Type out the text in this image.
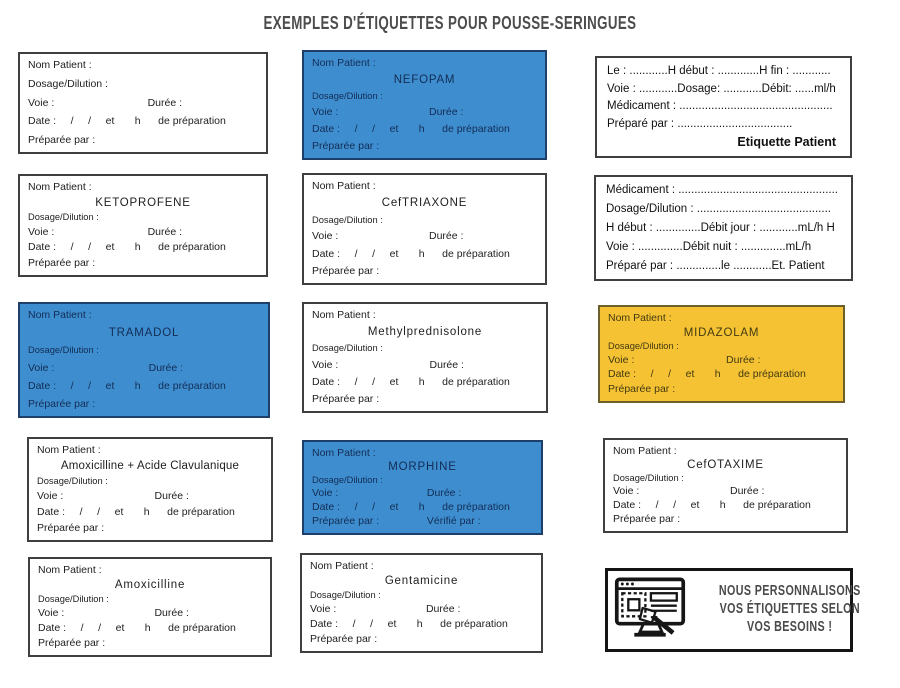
EXEMPLES D'ÉTIQUETTES POUR POUSSE-SERINGUES
Nom Patient :
Dosage/Dilution :
Voie :	Durée :
Date :     /     /     et       h      de préparation
Préparée par :
Nom Patient :
NEFOPAM
Dosage/Dilution :
Voie :	Durée :
Date :     /     /     et       h      de préparation
Préparée par :
Le : ............H début : .............H fin : ............
Voie : ............Dosage: ............Débit: ......ml/h
Médicament : ................................................
Préparé par : ....................................
Etiquette Patient
Nom Patient :
KETOPROFENE
Dosage/Dilution :
Voie :	Durée :
Date :     /     /     et       h      de préparation
Préparée par :
Nom Patient :
CefTRIAXONE
Dosage/Dilution :
Voie :	Durée :
Date :     /     /     et       h      de préparation
Préparée par :
Médicament : ..................................................
Dosage/Dilution : ..........................................
H début : ..............Débit jour : ............mL/h H
Voie : ..............Débit nuit : ..............mL/h
Préparé par : ..............le ............Et. Patient
Nom Patient :
TRAMADOL
Dosage/Dilution :
Voie :	Durée :
Date :     /     /     et       h      de préparation
Préparée par :
Nom Patient :
Methylprednisolone
Dosage/Dilution :
Voie :	Durée :
Date :     /     /     et       h      de préparation
Préparée par :
Nom Patient :
MIDAZOLAM
Dosage/Dilution :
Voie :	Durée :
Date :     /     /     et       h      de préparation
Préparée par :
Nom Patient :
Amoxicilline + Acide Clavulanique
Dosage/Dilution :
Voie :	Durée :
Date :     /     /     et       h      de préparation
Préparée par :
Nom Patient :
MORPHINE
Dosage/Dilution :
Voie :	Durée :
Date :     /     /     et       h      de préparation
Préparée par :	Vérifié par :
Nom Patient :
CefOTAXIME
Dosage/Dilution :
Voie :	Durée :
Date :     /     /     et       h      de préparation
Préparée par :
Nom Patient :
Amoxicilline
Dosage/Dilution :
Voie :	Durée :
Date :     /     /     et       h      de préparation
Préparée par :
Nom Patient :
Gentamicine
Dosage/Dilution :
Voie :	Durée :
Date :     /     /     et       h      de préparation
Préparée par :
NOUS PERSONNALISONS VOS ÉTIQUETTES SELON VOS BESOINS !
